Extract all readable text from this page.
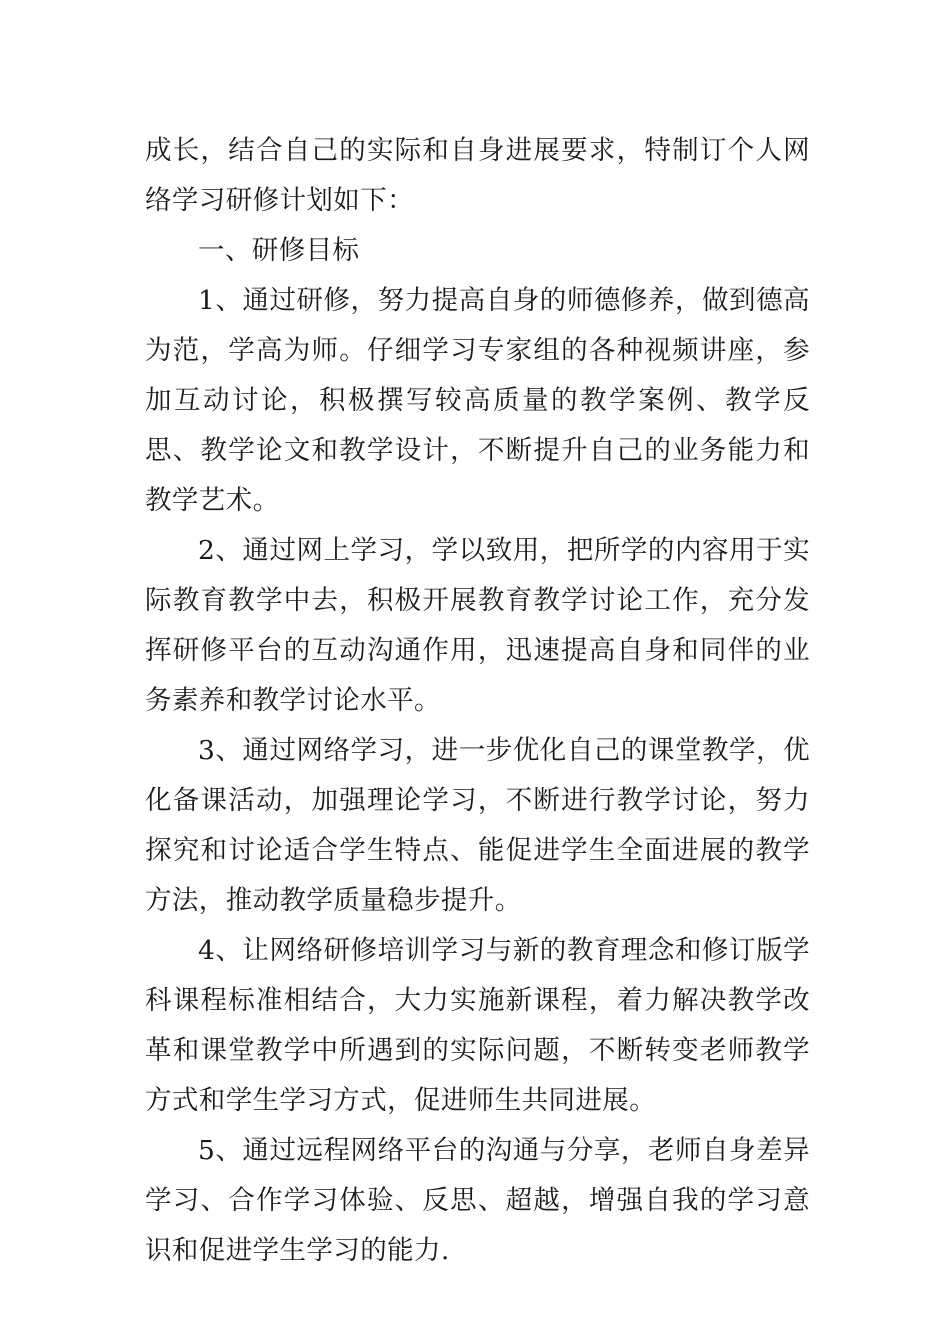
成长，结合自己的实际和自身进展要求，特制订个人网络学习研修计划如下：

一、研修目标

1、通过研修，努力提高自身的师德修养，做到德高为范，学高为师。仔细学习专家组的各种视频讲座，参加互动讨论，积极撰写较高质量的教学案例、教学反思、教学论文和教学设计，不断提升自己的业务能力和教学艺术。

2、通过网上学习，学以致用，把所学的内容用于实际教育教学中去，积极开展教育教学讨论工作，充分发挥研修平台的互动沟通作用，迅速提高自身和同伴的业务素养和教学讨论水平。

3、通过网络学习，进一步优化自己的课堂教学，优化备课活动，加强理论学习，不断进行教学讨论，努力探究和讨论适合学生特点、能促进学生全面进展的教学方法，推动教学质量稳步提升。

4、让网络研修培训学习与新的教育理念和修订版学科课程标准相结合，大力实施新课程，着力解决教学改革和课堂教学中所遇到的实际问题，不断转变老师教学方式和学生学习方式，促进师生共同进展。

5、通过远程网络平台的沟通与分享，老师自身差异学习、合作学习体验、反思、超越，增强自我的学习意识和促进学生学习的能力.
